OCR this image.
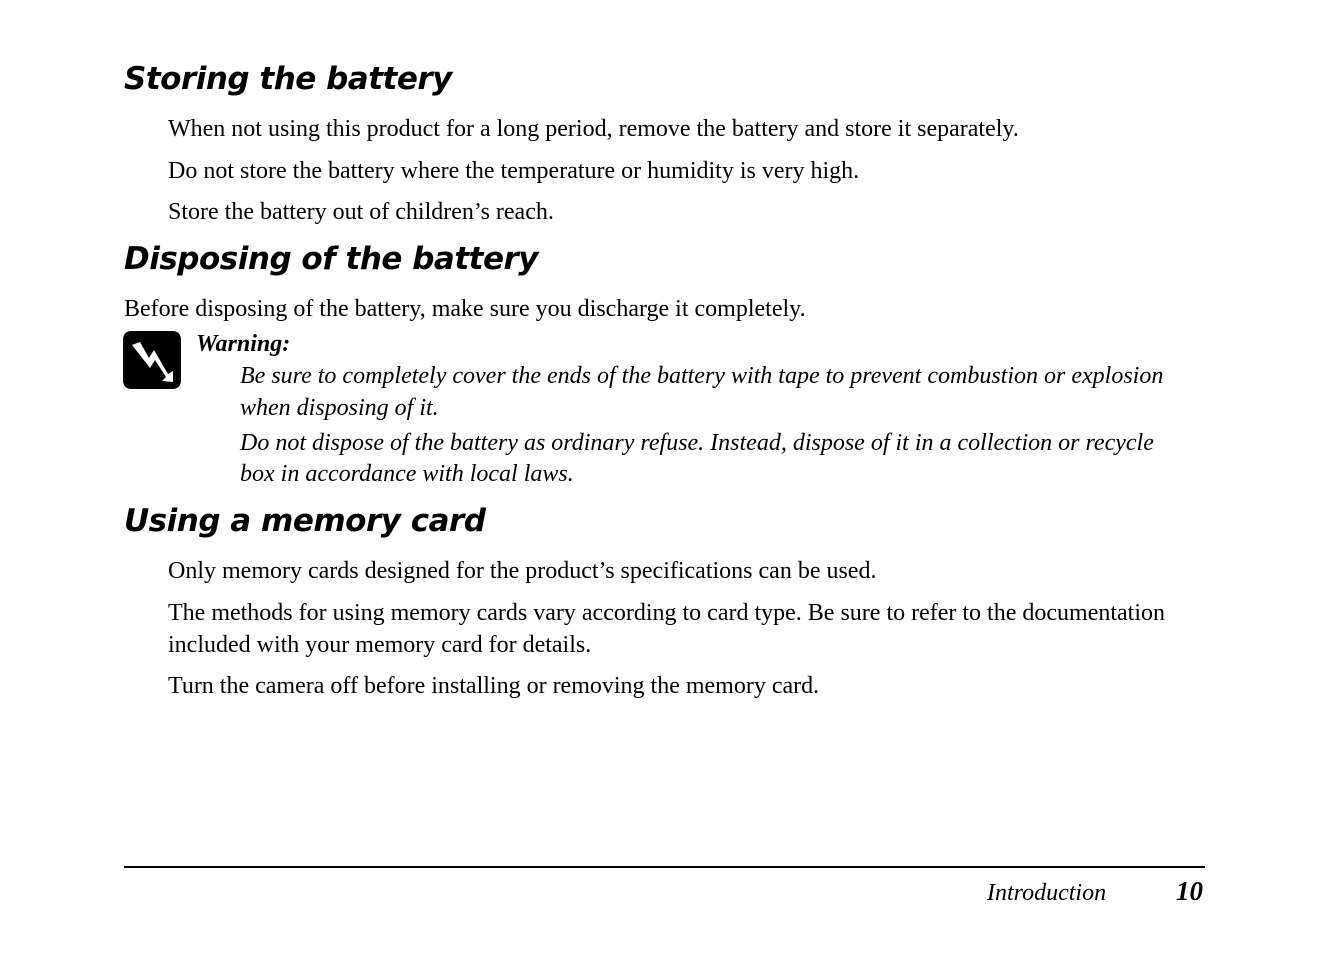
Storing the battery

When not using this product for a long period, remove the battery and store it separately.

Do not store the battery where the temperature or humidity is very high.

Store the battery out of children’s reach.

Disposing of the battery

Before disposing of the battery, make sure you discharge it completely.

Warning:

Be sure to completely cover the ends of the battery with tape to prevent combustion or explosion

when disposing of it.

Do not dispose of the battery as ordinary refuse. Instead, dispose of it in a collection or recycle

box in accordance with local laws.

Using a memory card

Only memory cards designed for the product’s specifications can be used.

The methods for using memory cards vary according to card type. Be sure to refer to the documentation

included with your memory card for details.

Turn the camera off before installing or removing the memory card.

Introduction	10
